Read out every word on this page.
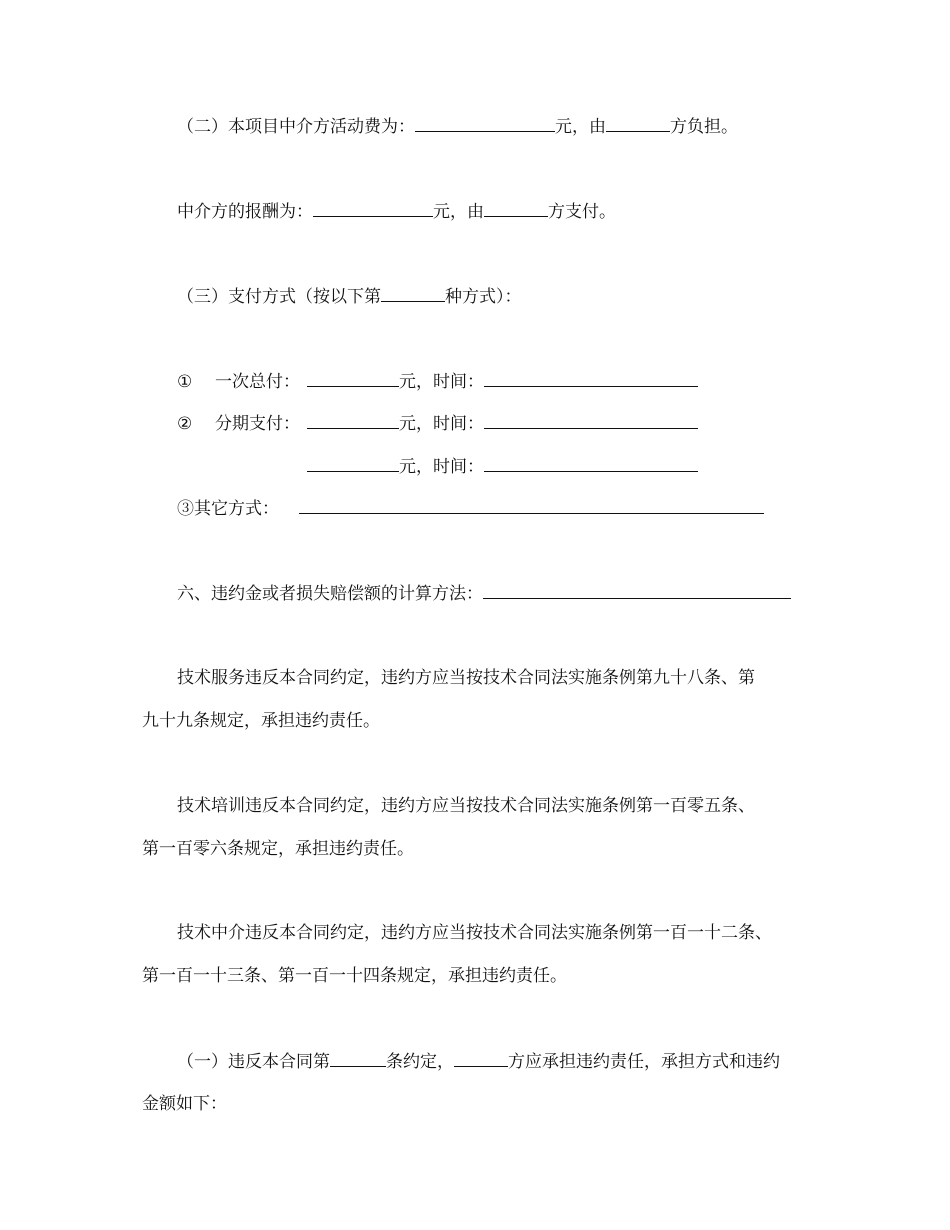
（二）本项目中介方活动费为：	元，由	方负担。
中介方的报酬为：	元，由	方支付。
（三）支付方式（按以下第	种方式）：
① 一次总付：	元，时间：
② 分期支付：	元，时间：
元，时间：
③其它方式：
六、违约金或者损失赔偿额的计算方法：
技术服务违反本合同约定，违约方应当按技术合同法实施条例第九十八条、第
九十九条规定，承担违约责任。
技术培训违反本合同约定，违约方应当按技术合同法实施条例第一百零五条、
第一百零六条规定，承担违约责任。
技术中介违反本合同约定，违约方应当按技术合同法实施条例第一百一十二条、
第一百一十三条、第一百一十四条规定，承担违约责任。
（一）违反本合同第	条约定，	方应承担违约责任，承担方式和违约
金额如下：
